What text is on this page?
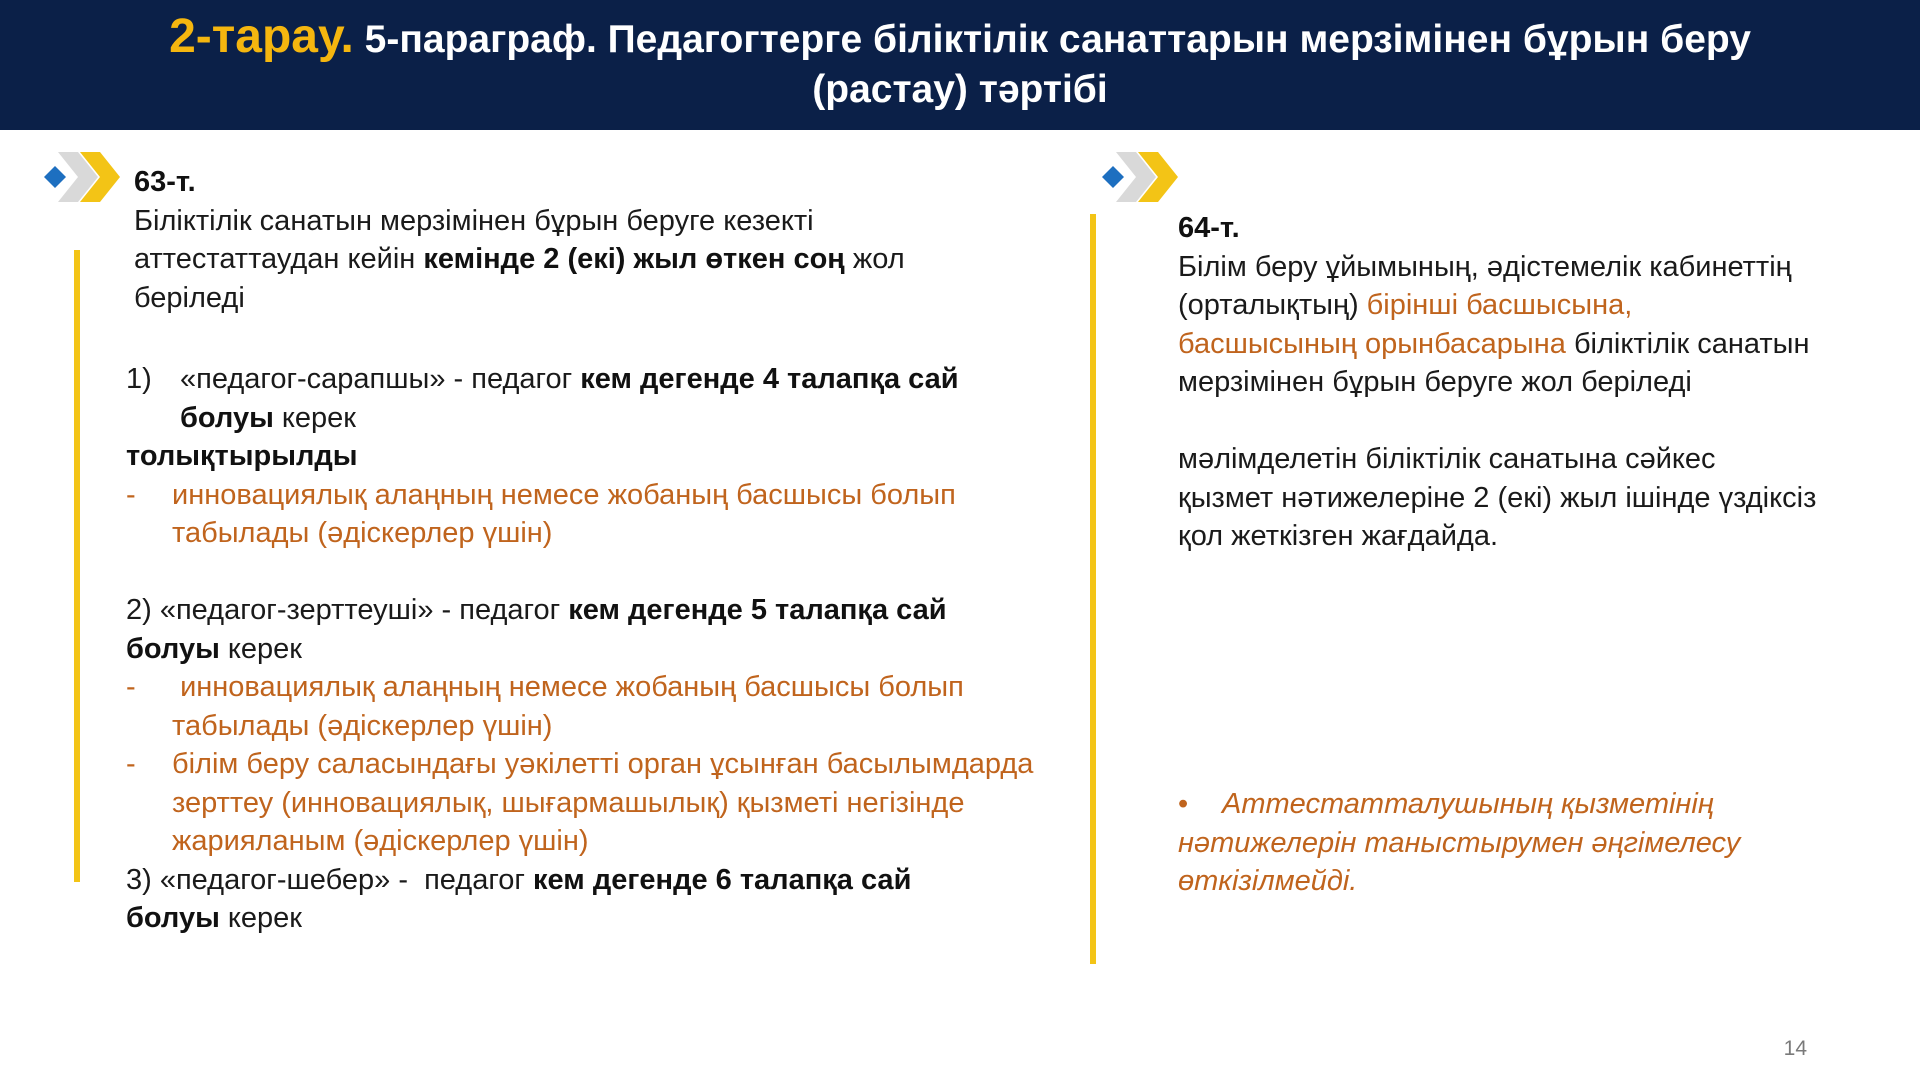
2-тарау. 5-параграф. Педагогтерге біліктілік санаттарын мерзімінен бұрын беру
(растау) тәртібі
63-т.
Біліктілік санатын мерзімінен бұрын беруге кезекті аттестаттаудан кейін кемінде 2 (екі) жыл өткен соң жол беріледі
1) «педагог-сарапшы» - педагог кем дегенде 4 талапқа сай болуы керек
толықтырылды
-	инновациялық алаңның немесе жобаның басшысы болып табылады (әдіскерлер үшін)
2) «педагог-зерттеуші» - педагог кем дегенде 5 талапқа сай
болуы керек
-	инновациялық алаңның немесе жобаның басшысы болып табылады (әдіскерлер үшін)
-	білім беру саласындағы уәкілетті орган ұсынған басылымдарда зерттеу (инновациялық, шығармашылық) қызметі негізінде жарияланым (әдіскерлер үшін)
3) «педагог-шебер» -  педагог кем дегенде 6 талапқа сай
болуы керек
64-т.
Білім беру ұйымының, әдістемелік кабинеттің (орталықтың) бірінші басшысына, басшысының орынбасарына біліктілік санатын мерзімінен бұрын беруге жол беріледі
мәлімделетін біліктілік санатына сәйкес қызмет нәтижелеріне 2 (екі) жыл ішінде үздіксіз қол жеткізген жағдайда.
• Аттестатталушының қызметінің нәтижелерін таныстырумен әңгімелесу өткізілмейді.
14
